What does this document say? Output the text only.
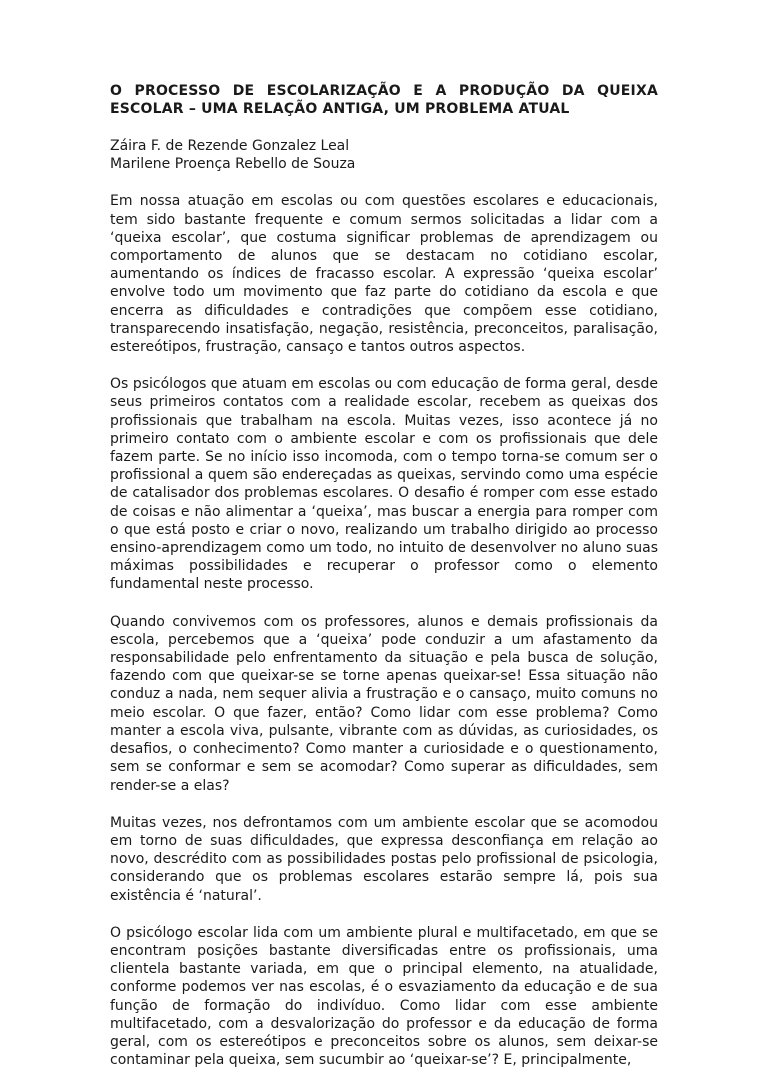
O PROCESSO DE ESCOLARIZAÇÃO E A PRODUÇÃO DA QUEIXA ESCOLAR – UMA RELAÇÃO ANTIGA, UM PROBLEMA ATUAL
Záira F. de Rezende Gonzalez Leal
Marilene Proença Rebello de Souza

Em nossa atuação em escolas ou com questões escolares e educacionais, tem sido bastante frequente e comum sermos solicitadas a lidar com a ‘queixa escolar’, que costuma significar problemas de aprendizagem ou comportamento de alunos que se destacam no cotidiano escolar, aumentando os índices de fracasso escolar. A expressão ‘queixa escolar’ envolve todo um movimento que faz parte do cotidiano da escola e que encerra as dificuldades e contradições que compõem esse cotidiano, transparecendo insatisfação, negação, resistência, preconceitos, paralisação, estereótipos, frustração, cansaço e tantos outros aspectos.

Os psicólogos que atuam em escolas ou com educação de forma geral, desde seus primeiros contatos com a realidade escolar, recebem as queixas dos profissionais que trabalham na escola. Muitas vezes, isso acontece já no primeiro contato com o ambiente escolar e com os profissionais que dele fazem parte. Se no início isso incomoda, com o tempo torna-se comum ser o profissional a quem são endereçadas as queixas, servindo como uma espécie de catalisador dos problemas escolares. O desafio é romper com esse estado de coisas e não alimentar a ‘queixa’, mas buscar a energia para romper com o que está posto e criar o novo, realizando um trabalho dirigido ao processo ensino-aprendizagem como um todo, no intuito de desenvolver no aluno suas máximas possibilidades e recuperar o professor como o elemento fundamental neste processo.

Quando convivemos com os professores, alunos e demais profissionais da escola, percebemos que a ‘queixa’ pode conduzir a um afastamento da responsabilidade pelo enfrentamento da situação e pela busca de solução, fazendo com que queixar-se se torne apenas queixar-se! Essa situação não conduz a nada, nem sequer alivia a frustração e o cansaço, muito comuns no meio escolar. O que fazer, então? Como lidar com esse problema? Como manter a escola viva, pulsante, vibrante com as dúvidas, as curiosidades, os desafios, o conhecimento? Como manter a curiosidade e o questionamento, sem se conformar e sem se acomodar? Como superar as dificuldades, sem render-se a elas?

Muitas vezes, nos defrontamos com um ambiente escolar que se acomodou em torno de suas dificuldades, que expressa desconfiança em relação ao novo, descrédito com as possibilidades postas pelo profissional de psicologia, considerando que os problemas escolares estarão sempre lá, pois sua existência é ‘natural’.

O psicólogo escolar lida com um ambiente plural e multifacetado, em que se encontram posições bastante diversificadas entre os profissionais, uma clientela bastante variada, em que o principal elemento, na atualidade, conforme podemos ver nas escolas, é o esvaziamento da educação e de sua função de formação do indivíduo. Como lidar com esse ambiente multifacetado, com a desvalorização do professor e da educação de forma geral, com os estereótipos e preconceitos sobre os alunos, sem deixar-se contaminar pela queixa, sem sucumbir ao ‘queixar-se’? E, principalmente,
